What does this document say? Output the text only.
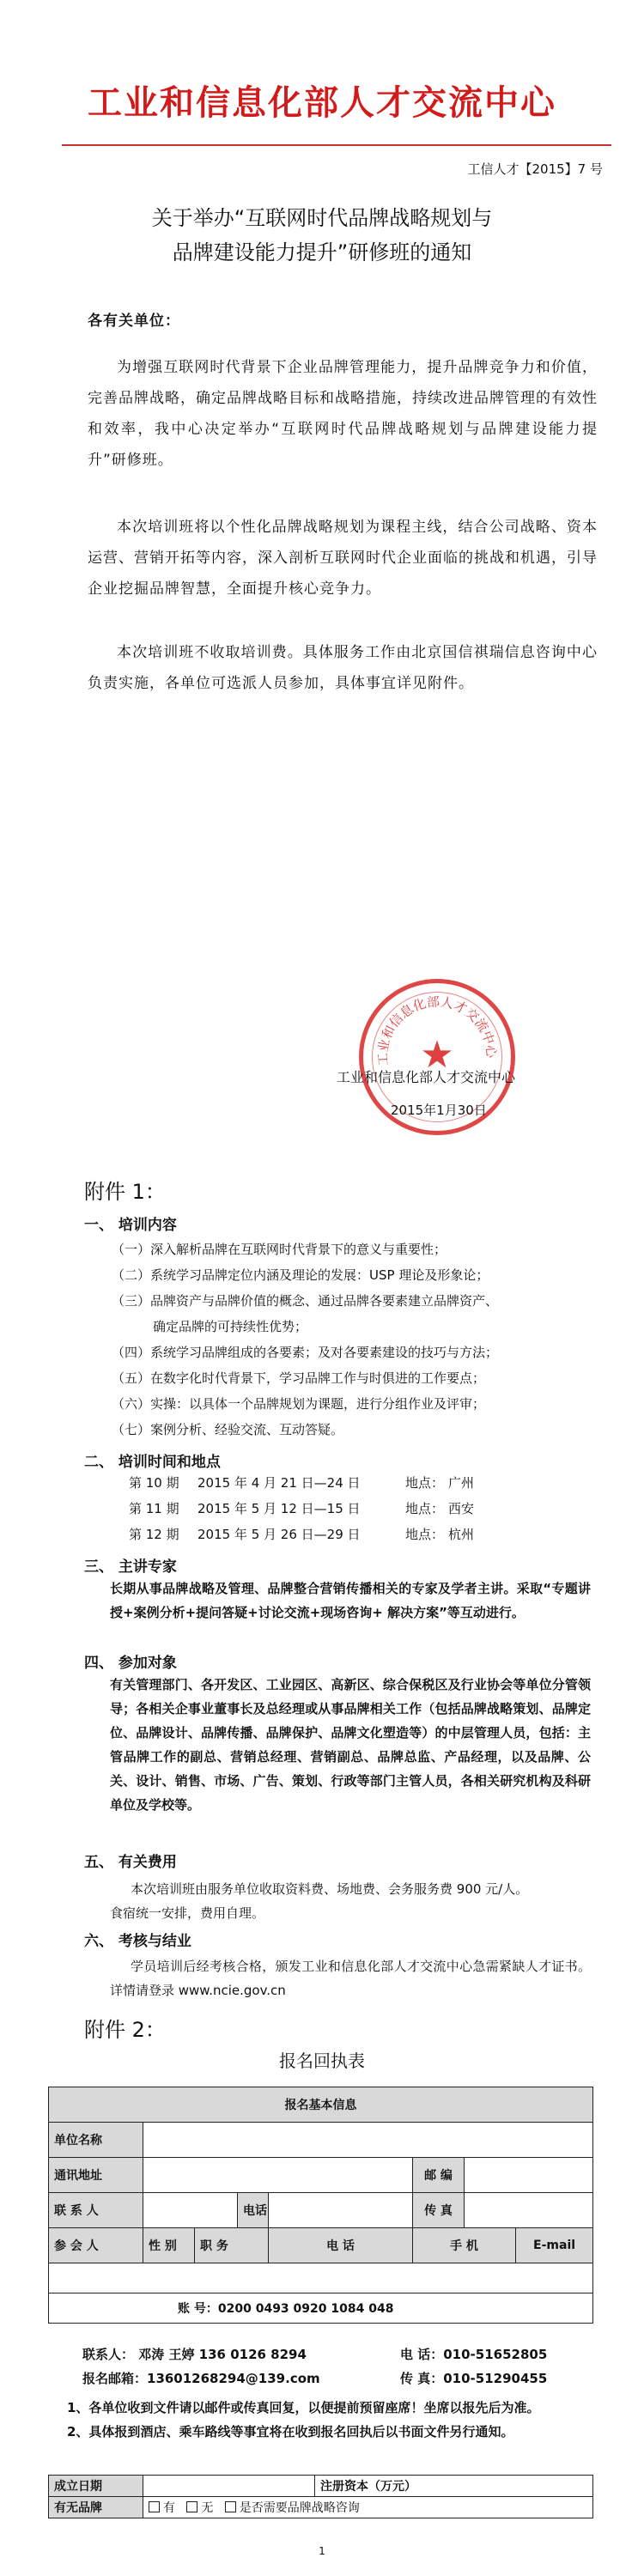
工业和信息化部人才交流中心
工信人才【2015】7 号
关于举办“互联网时代品牌战略规划与
品牌建设能力提升”研修班的通知
各有关单位：
为增强互联网时代背景下企业品牌管理能力，提升品牌竞争力和价值，完善品牌战略，确定品牌战略目标和战略措施，持续改进品牌管理的有效性和效率，我中心决定举办“互联网时代品牌战略规划与品牌建设能力提升”研修班。
本次培训班将以个性化品牌战略规划为课程主线，结合公司战略、资本运营、营销开拓等内容，深入剖析互联网时代企业面临的挑战和机遇，引导企业挖掘品牌智慧，全面提升核心竞争力。
本次培训班不收取培训费。具体服务工作由北京国信祺瑞信息咨询中心负责实施，各单位可选派人员参加，具体事宜详见附件。
工业和信息化部人才交流中心
★
工业和信息化部人才交流中心
2015年1月30日
附件 1：
一、 培训内容
（一）深入解析品牌在互联网时代背景下的意义与重要性；
（二）系统学习品牌定位内涵及理论的发展：USP 理论及形象论；
（三）品牌资产与品牌价值的概念、通过品牌各要素建立品牌资产、
确定品牌的可持续性优势；
（四）系统学习品牌组成的各要素；及对各要素建设的技巧与方法；
（五）在数字化时代背景下，学习品牌工作与时俱进的工作要点；
（六）实操：以具体一个品牌规划为课题，进行分组作业及评审；
（七）案例分析、经验交流、互动答疑。
二、 培训时间和地点
第 10 期 2015 年 4 月 21 日—24 日	地点： 广州
第 11 期 2015 年 5 月 12 日—15 日	地点： 西安
第 12 期 2015 年 5 月 26 日—29 日	地点： 杭州
三、 主讲专家
长期从事品牌战略及管理、品牌整合营销传播相关的专家及学者主讲。采取“专题讲授+案例分析+提问答疑+讨论交流+现场咨询+ 解决方案”等互动进行。
四、 参加对象
有关管理部门、各开发区、工业园区、高新区、综合保税区及行业协会等单位分管领导；各相关企事业董事长及总经理或从事品牌相关工作（包括品牌战略策划、品牌定位、品牌设计、品牌传播、品牌保护、品牌文化塑造等）的中层管理人员，包括：主管品牌工作的副总、营销总经理、营销副总、品牌总监、产品经理，以及品牌、公关、设计、销售、市场、广告、策划、行政等部门主管人员，各相关研究机构及科研单位及学校等。
五、 有关费用
本次培训班由服务单位收取资料费、场地费、会务服务费 900 元/人。
食宿统一安排，费用自理。
六、 考核与结业
学员培训后经考核合格，颁发工业和信息化部人才交流中心急需紧缺人才证书。详情请登录 www.ncie.gov.cn
附件 2：
报名回执表
报名基本信息							
单位名称							
通讯地址					邮 编		
联 系 人			电话		传 真		
参 会 人	性 别	职 务		电 话	手 机		E-mail

账 号：0200 0493 0920 1084 048							
联系人： 邓涛 王婷 136 0126 8294	电 话：010-51652805
报名邮箱：13601268294@139.com	传 真：010-51290455
1、各单位收到文件请以邮件或传真回复，以便提前预留座席！坐席以报先后为准。
2、具体报到酒店、乘车路线等事宜将在收到报名回执后以书面文件另行通知。
成立日期		注册资本（万元）
有无品牌	有 无 是否需要品牌战略咨询	
1
